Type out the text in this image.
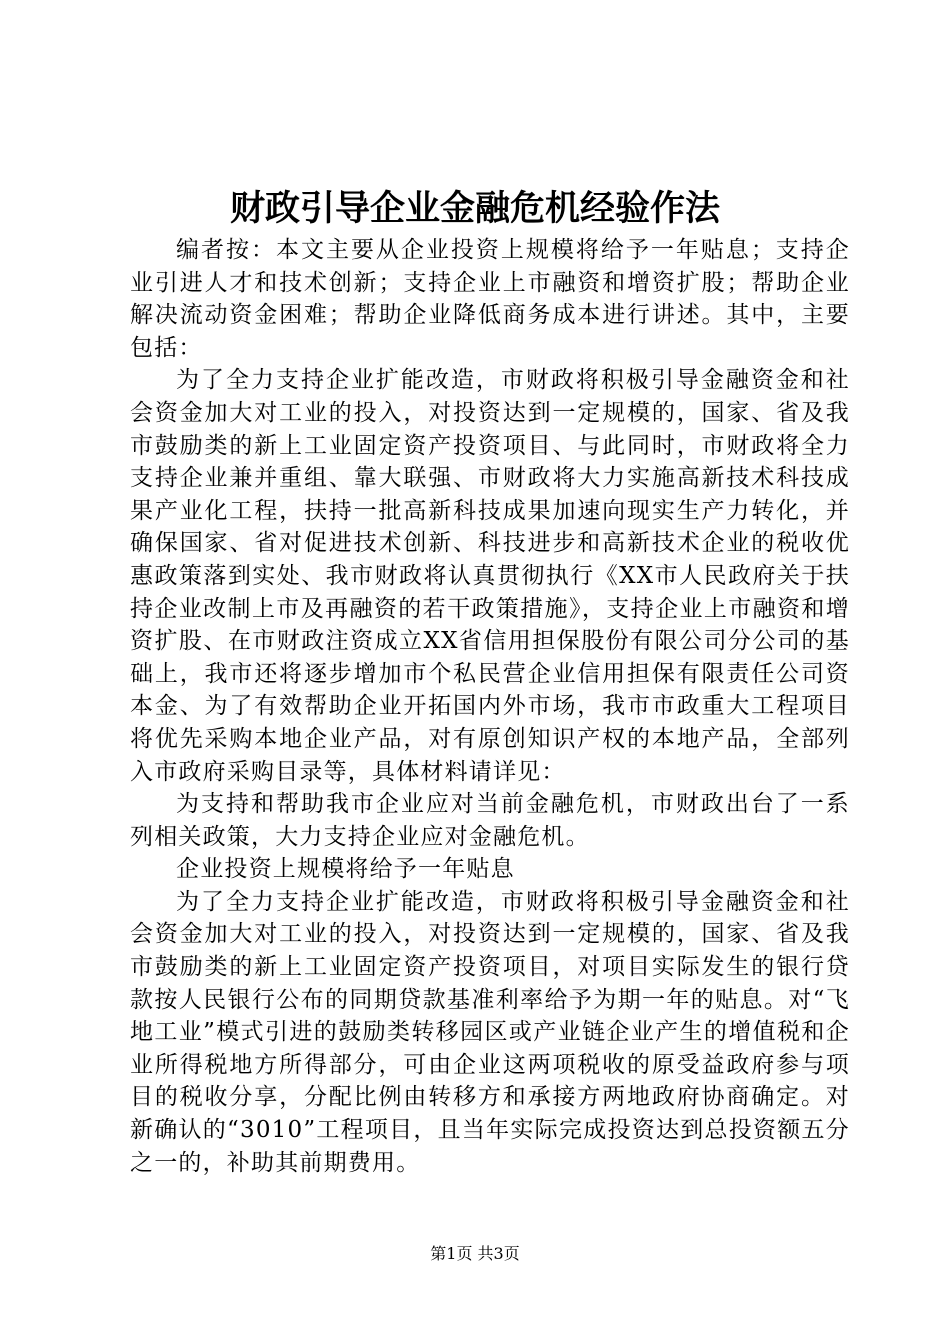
财政引导企业金融危机经验作法

编者按：本文主要从企业投资上规模将给予一年贴息；支持企业引进人才和技术创新；支持企业上市融资和增资扩股；帮助企业解决流动资金困难；帮助企业降低商务成本进行讲述。其中，主要包括：

为了全力支持企业扩能改造，市财政将积极引导金融资金和社会资金加大对工业的投入，对投资达到一定规模的，国家、省及我市鼓励类的新上工业固定资产投资项目、与此同时，市财政将全力支持企业兼并重组、靠大联强、市财政将大力实施高新技术科技成果产业化工程，扶持一批高新科技成果加速向现实生产力转化，并确保国家、省对促进技术创新、科技进步和高新技术企业的税收优惠政策落到实处、我市财政将认真贯彻执行《XX市人民政府关于扶持企业改制上市及再融资的若干政策措施》，支持企业上市融资和增资扩股、在市财政注资成立XX省信用担保股份有限公司分公司的基础上，我市还将逐步增加市个私民营企业信用担保有限责任公司资本金、为了有效帮助企业开拓国内外市场，我市市政重大工程项目将优先采购本地企业产品，对有原创知识产权的本地产品，全部列入市政府采购目录等，具体材料请详见：

为支持和帮助我市企业应对当前金融危机，市财政出台了一系列相关政策，大力支持企业应对金融危机。

企业投资上规模将给予一年贴息

为了全力支持企业扩能改造，市财政将积极引导金融资金和社会资金加大对工业的投入，对投资达到一定规模的，国家、省及我市鼓励类的新上工业固定资产投资项目，对项目实际发生的银行贷款按人民银行公布的同期贷款基准利率给予为期一年的贴息。对“飞地工业”模式引进的鼓励类转移园区或产业链企业产生的增值税和企业所得税地方所得部分，可由企业这两项税收的原受益政府参与项目的税收分享，分配比例由转移方和承接方两地政府协商确定。对新确认的“3010”工程项目，且当年实际完成投资达到总投资额五分之一的，补助其前期费用。

第1页 共3页
